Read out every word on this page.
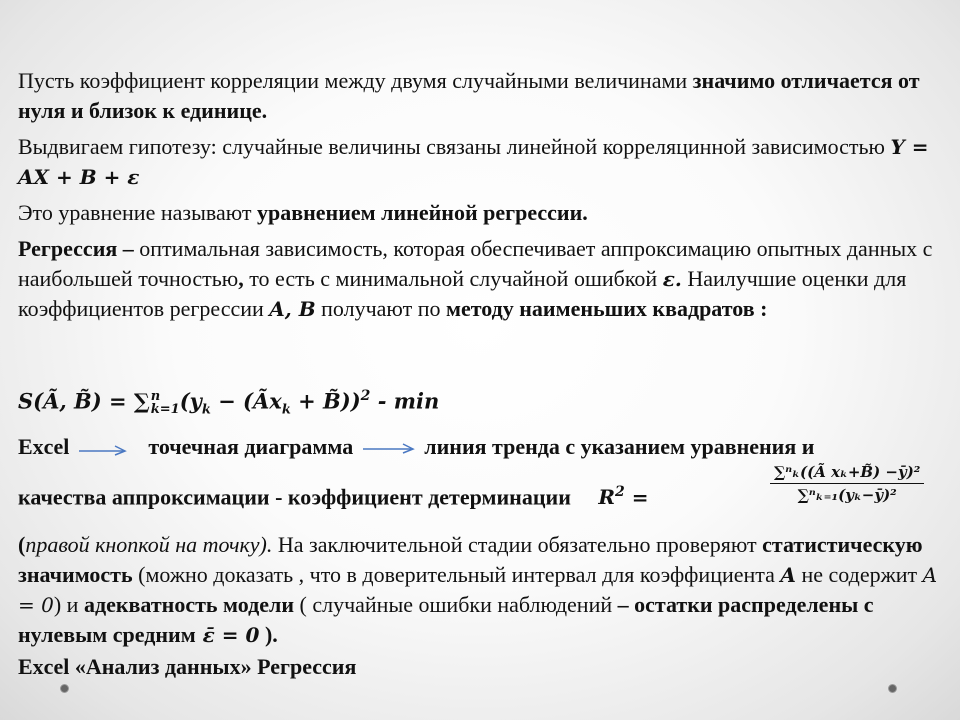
Пусть коэффициент корреляции между двумя случайными величинами значимо отличается от нуля и близок к единице.

Выдвигаем гипотезу: случайные величины связаны линейной корреляцинной зависимостью Y = AX + B + ε

Это уравнение называют уравнением линейной регрессии.

Регрессия – оптимальная зависимость, которая обеспечивает аппроксимацию опытных данных с наибольшей точностью, то есть с минимальной случайной ошибкой ε. Наилучшие оценки для коэффициентов регрессии A, B получают по методу наименьших квадратов :

S(Ã, B̃) = ∑ n
k=1 ($y_k$ − ($Ãx_k$ + B̃))$^2$ - min
Excel	точечная диаграмма	линия тренда с указанием уравнения и
качества аппроксимации - коэффициент детерминации $R^2$ =	$\frac{\text{∑ⁿₖ((Ã xₖ+B̃) −ȳ)²}}{\text{∑ⁿₖ₌₁(yₖ−ȳ)²}}$

(правой кнопкой на точку). На заключительной стадии обязательно проверяют статистическую значимость (можно доказать , что в доверительный интервал для коэффициента A не содержит A = 0) и адекватность модели ( случайные ошибки наблюдений – остатки распределены с нулевым средним ε̄ = 0 ).

Excel «Анализ данных» Регрессия
